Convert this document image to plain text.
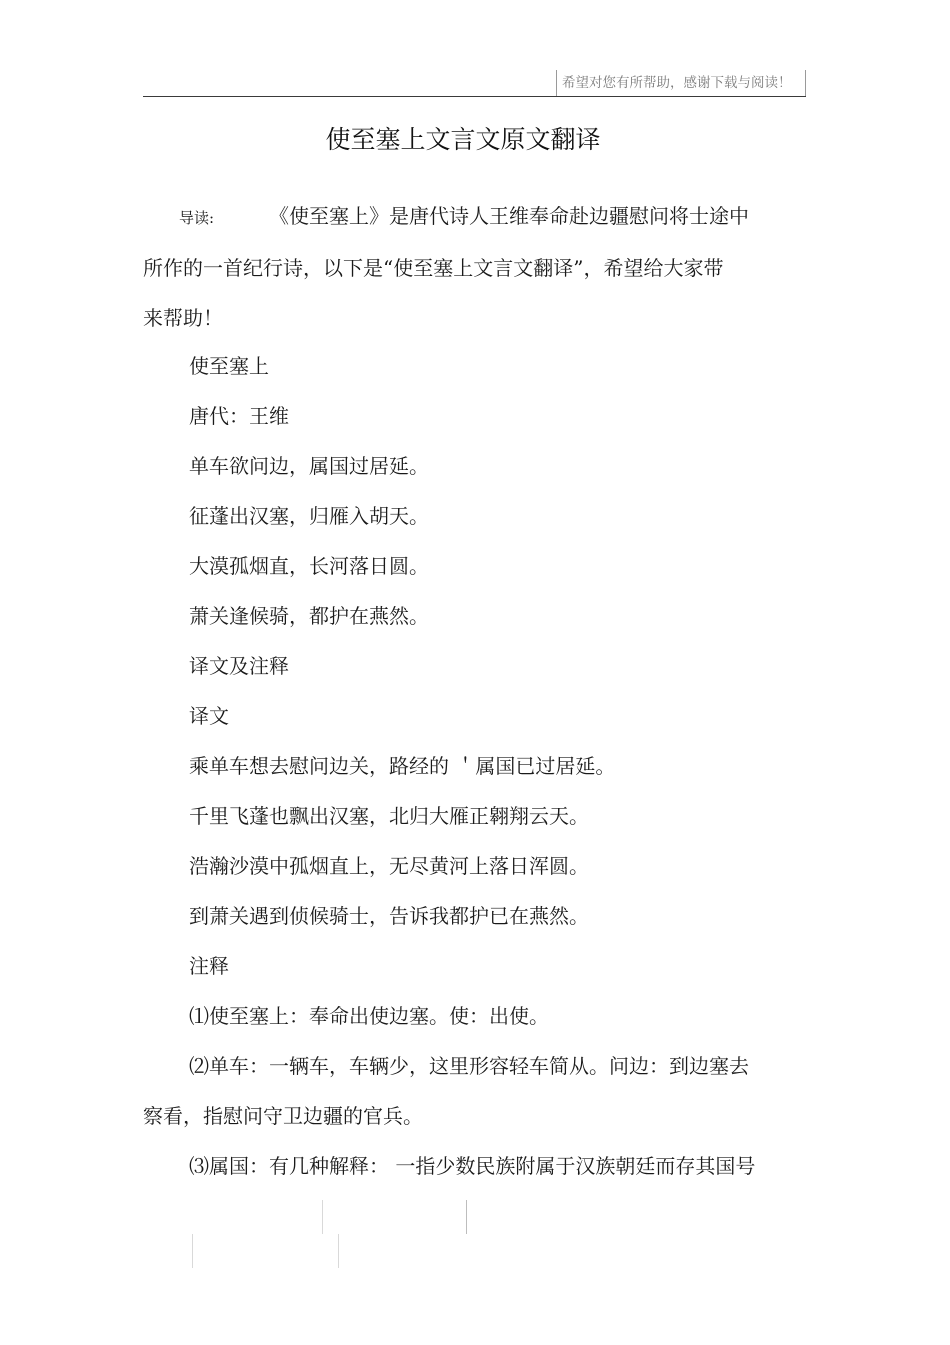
希望对您有所帮助，感谢下载与阅读！
使至塞上文言文原文翻译
导读:	《使至塞上》是唐代诗人王维奉命赴边疆慰问将士途中
所作的一首纪行诗，以下是“使至塞上文言文翻译”，希望给大家带
来帮助！
使至塞上
唐代：王维
单车欲问边，属国过居延。
征蓬出汉塞，归雁入胡天。
大漠孤烟直，长河落日圆。
萧关逢候骑，都护在燕然。
译文及注释
译文
乘单车想去慰问边关，路经的 ＇属国已过居延。
千里飞蓬也飘出汉塞，北归大雁正翱翔云天。
浩瀚沙漠中孤烟直上，无尽黄河上落日浑圆。
到萧关遇到侦候骑士，告诉我都护已在燕然。
注释
⑴使至塞上：奉命出使边塞。使：出使。
⑵单车：一辆车，车辆少，这里形容轻车简从。问边：到边塞去
察看，指慰问守卫边疆的官兵。
⑶属国：有几种解释： 一指少数民族附属于汉族朝廷而存其国号
